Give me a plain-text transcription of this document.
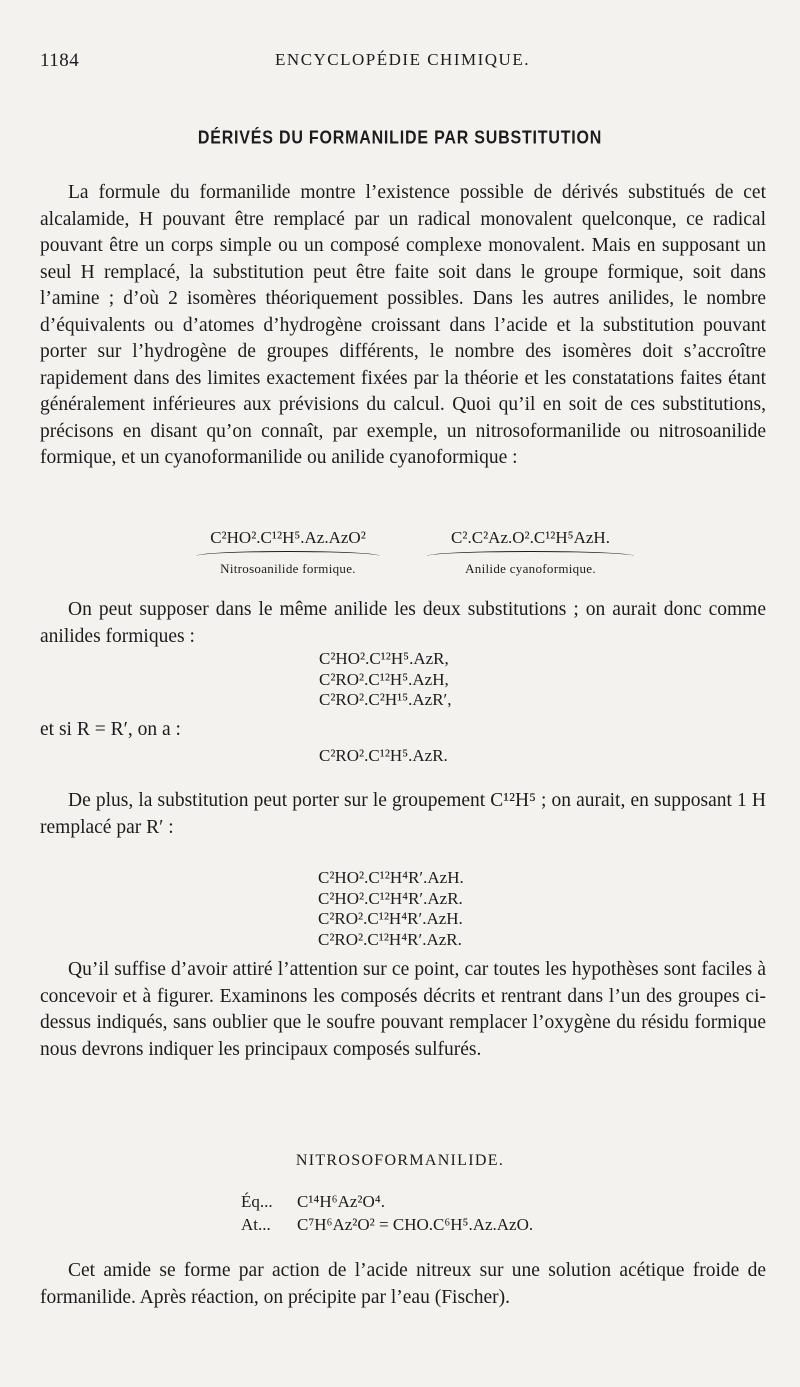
1184	ENCYCLOPÉDIE CHIMIQUE.
DÉRIVÉS DU FORMANILIDE PAR SUBSTITUTION

La formule du formanilide montre l’existence possible de dérivés substitués de cet alcalamide, H pouvant être remplacé par un radical monovalent quelconque, ce radical pouvant être un corps simple ou un composé complexe monovalent. Mais en supposant un seul H remplacé, la substitution peut être faite soit dans le groupe formique, soit dans l’amine ; d’où 2 isomères théoriquement possibles. Dans les autres anilides, le nombre d’équivalents ou d’atomes d’hydrogène croissant dans l’acide et la substitution pouvant porter sur l’hydrogène de groupes différents, le nombre des isomères doit s’accroître rapidement dans des limites exactement fixées par la théorie et les constatations faites étant généralement inférieures aux prévisions du calcul. Quoi qu’il en soit de ces substitutions, précisons en disant qu’on connaît, par exemple, un nitrosoformanilide ou nitrosoanilide formique, et un cyanoformanilide ou anilide cyanoformique :

C²HO².C¹²H⁵.Az.AzO²
Nitrosoanilide formique.
C².C²Az.O².C¹²H⁵AzH.
Anilide cyanoformique.

On peut supposer dans le même anilide les deux substitutions ; on aurait donc comme anilides formiques :

C²HO².C¹²H⁵.AzR,
C²RO².C¹²H⁵.AzH,
C²RO².C²H¹⁵.AzR′,
et si R = R′, on a :
C²RO².C¹²H⁵.AzR.

De plus, la substitution peut porter sur le groupement C¹²H⁵ ; on aurait, en supposant 1 H remplacé par R′ :

C²HO².C¹²H⁴R′.AzH.
C²HO².C¹²H⁴R′.AzR.
C²RO².C¹²H⁴R′.AzH.
C²RO².C¹²H⁴R′.AzR.

Qu’il suffise d’avoir attiré l’attention sur ce point, car toutes les hypothèses sont faciles à concevoir et à figurer. Examinons les composés décrits et rentrant dans l’un des groupes ci-dessus indiqués, sans oublier que le soufre pouvant remplacer l’oxygène du résidu formique nous devrons indiquer les principaux composés sulfurés.

NITROSOFORMANILIDE.
Éq... C¹⁴H⁶Az²O⁴.
At... C⁷H⁶Az²O² = CHO.C⁶H⁵.Az.AzO.

Cet amide se forme par action de l’acide nitreux sur une solution acétique froide de formanilide. Après réaction, on précipite par l’eau (Fischer).
